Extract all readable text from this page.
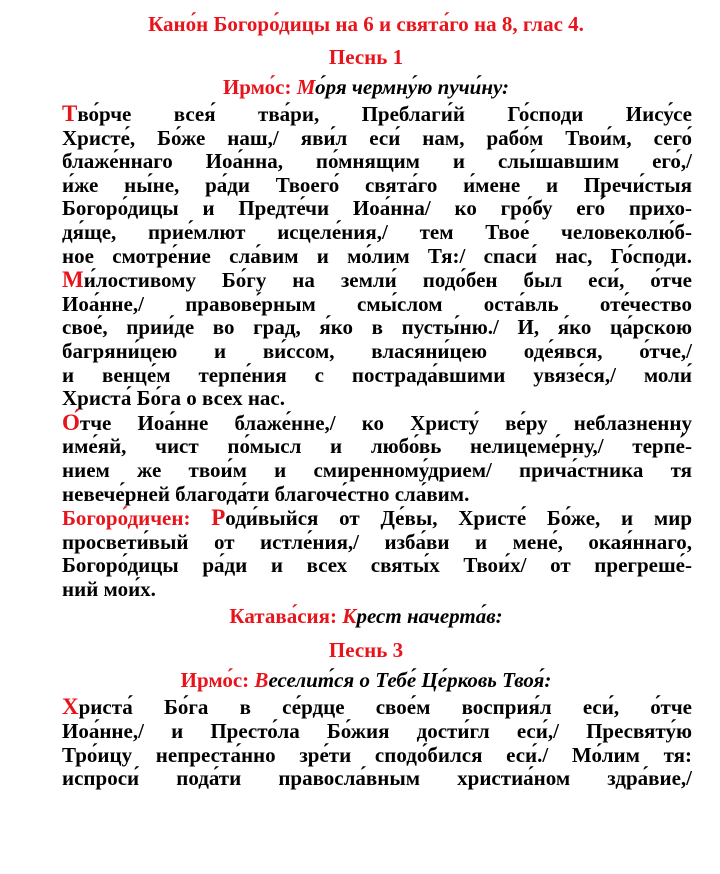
Кано́н Богоро́дицы на 6 и свята́го на 8, глас 4.
Песнь 1
Ирмо́с: Мо́ря чермну́ю пучи́ну:
Тво́рче всея́ тва́ри, Преблаги́й Го́споди Иису́се
Христе́, Бо́же наш,/ яви́л еси́ нам, рабо́м Твои́м, сего́
блаже́ннаго Иоа́нна, по́мнящим и слы́шавшим его́,/
и́же ны́не, ра́ди Твоего́ свята́го и́мене и Пречи́стыя
Богоро́дицы и Предте́чи Иоа́нна/ ко гро́бу его́ прихо-
дя́ще, прие́млют исцеле́ния,/ тем Твое́ человеколю́б-
ное смотре́ние сла́вим и мо́лим Тя:/ спаси́ нас, Го́споди.
Ми́лостивому Бо́гу на земли́ подо́бен был еси́, о́тче
Иоа́нне,/ правове́рным смы́слом оста́вль оте́чество
свое́, прии́де во град, я́ко в пусты́ню./ И, я́ко ца́рскою
багряни́цею и ви́ссом, власяни́цею оде́явся, о́тче,/
и венце́м терпе́ния с пострада́вшими увязе́ся,/ моли́
Христа́ Бо́га о всех нас.
О́тче Иоа́нне блаже́нне,/ ко Христу́ ве́ру неблазненну
име́яй, чист по́мысл и любо́вь нелицеме́рну,/ терпе́-
нием же твои́м и смиренному́дрием/ прича́стника тя
невече́рней благода́ти благоче́стно сла́вим.
Богоро́дичен: Роди́выйся от Де́вы, Христе́ Бо́же, и мир
просвети́вый от истле́ния,/ изба́ви и мене́, окая́ннаго,
Богоро́дицы ра́ди и всех святы́х Твои́х/ от прегреше́-
ний мои́х.
Катава́сия: Крест начерта́в:
Песнь 3
Ирмо́с: Веселит́ся о Тебе́ Це́рковь Твоя́:
Христа́ Бо́га в се́рдце свое́м восприя́л еси́, о́тче
Иоа́нне,/ и Престо́ла Бо́жия дости́гл еси́,/ Пресвяту́ю
Тро́ицу непреста́нно зре́ти сподо́бился еси́./ Мо́лим тя:
испроси́ пода́ти правосла́вным христиа́ном здра́вие,/
